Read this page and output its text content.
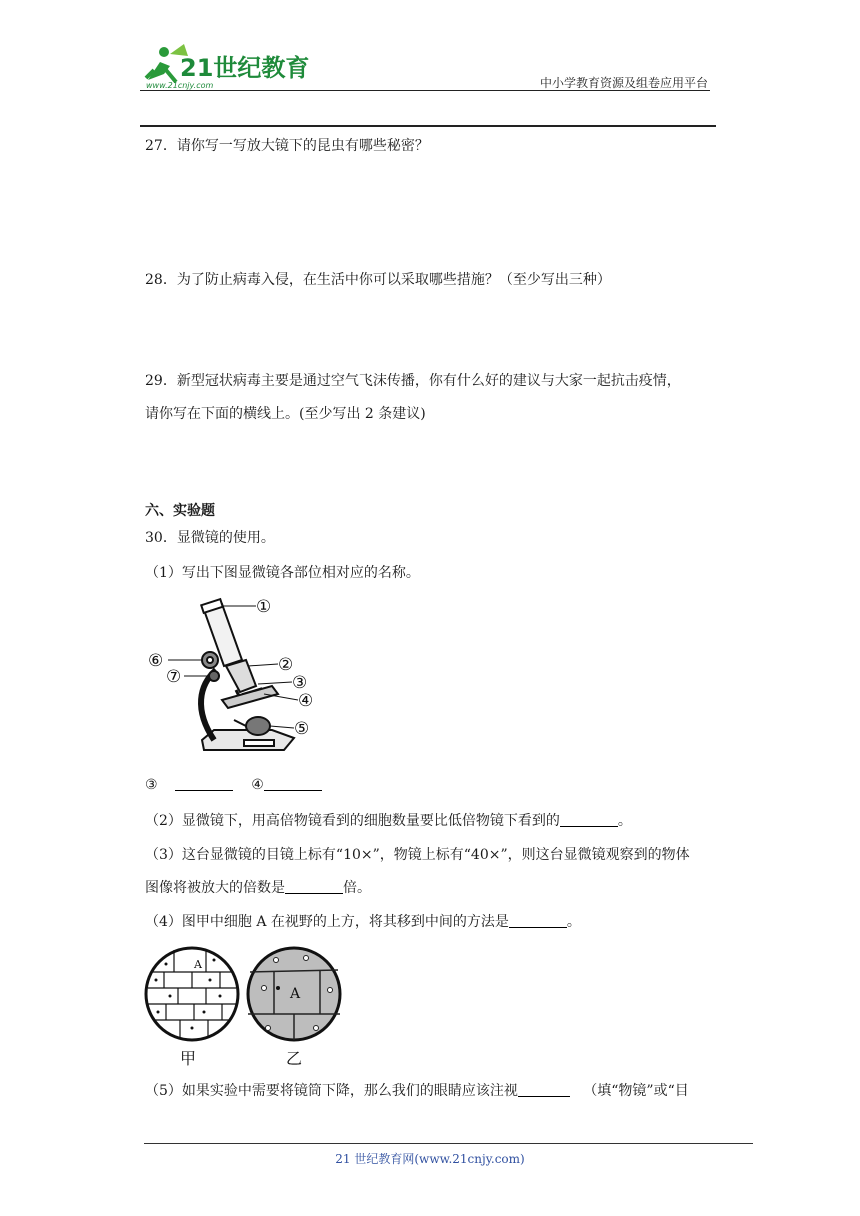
21世纪教育
www.21cnjy.com	中小学教育资源及组卷应用平台
27．请你写一写放大镜下的昆虫有哪些秘密？
28．为了防止病毒入侵，在生活中你可以采取哪些措施？（至少写出三种）
29．新型冠状病毒主要是通过空气飞沫传播，你有什么好的建议与大家一起抗击疫情，
请你写在下面的横线上。(至少写出 2 条建议)
六、实验题
30．显微镜的使用。
（1）写出下图显微镜各部位相对应的名称。
①
②
③
④
⑤
⑥
⑦
③	④
（2）显微镜下，用高倍物镜看到的细胞数量要比低倍物镜下看到的	。
（3）这台显微镜的目镜上标有“10×”，物镜上标有“40×”，则这台显微镜观察到的物体
图像将被放大的倍数是	倍。
（4）图甲中细胞 A 在视野的上方，将其移到中间的方法是	。
A
A
甲	乙
（5）如果实验中需要将镜筒下降，那么我们的眼睛应该注视	（填“物镜”或“目
21 世纪教育网(www.21cnjy.com)
